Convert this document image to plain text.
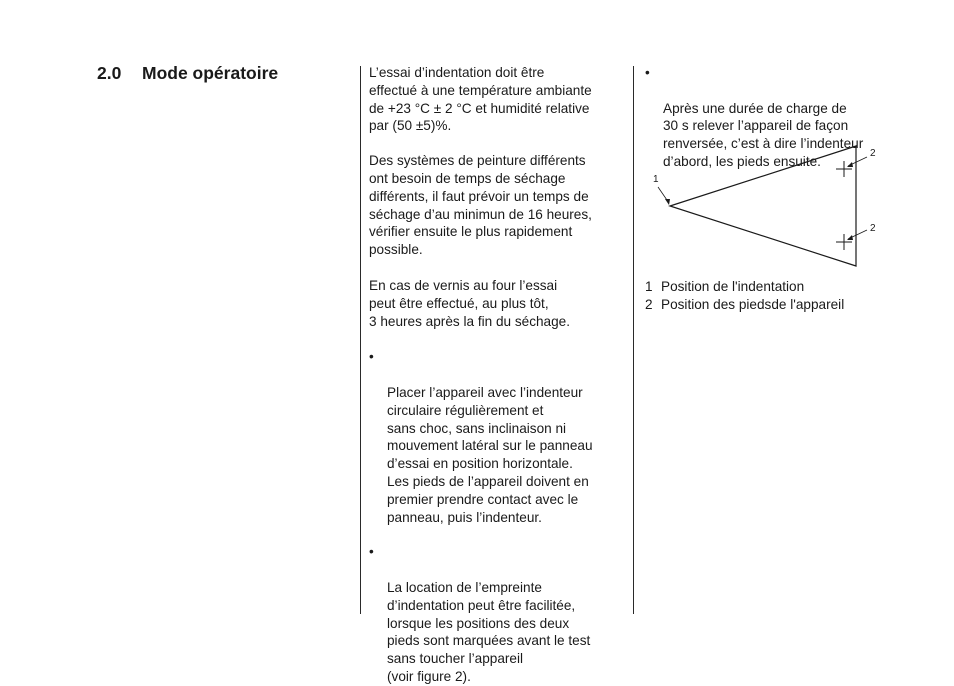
2.0 Mode opératoire	L’essai d’indentation doit être
effectué à une température ambiante
de +23 °C ± 2 °C et humidité relative
par (50 ±5)%.

Des systèmes de peinture différents
ont besoin de temps de séchage
différents, il faut prévoir un temps de
séchage d’au minimun de 16 heures,
vérifier ensuite le plus rapidement
possible.

En cas de vernis au four l’essai
peut être effectué, au plus tôt,
3 heures après la fin du séchage.

•

Placer l’appareil avec l’indenteur
circulaire régulièrement et
sans choc, sans inclinaison ni
mouvement latéral sur le panneau
d’essai en position horizontale.
Les pieds de l’appareil doivent en
premier prendre contact avec le
panneau, puis l’indenteur.

•

La location de l’empreinte
d’indentation peut être facilitée,
lorsque les positions des deux
pieds sont marquées avant le test
sans toucher l’appareil
(voir figure 2).

•

Après une durée de charge de
30 s relever l’appareil de façon
renversée, c’est à dire l’indenteur
d’abord, les pieds ensuite.

1
2
2
1 Position de l'indentation
2 Position des piedsde l'appareil
